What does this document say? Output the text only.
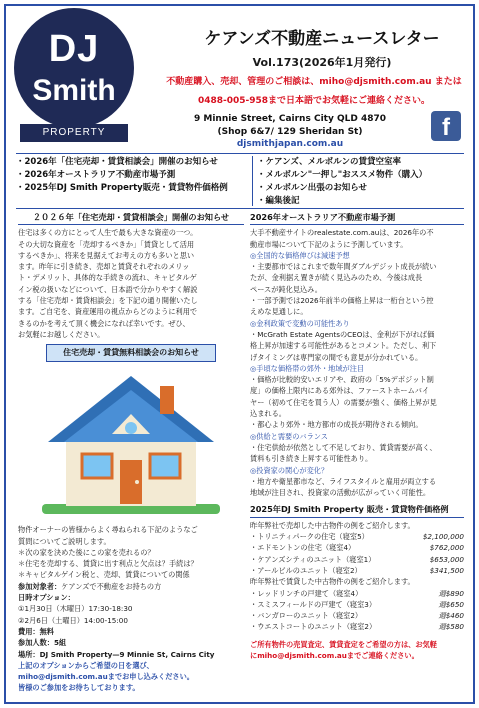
DJ
Smith
PROPERTY
ケアンズ不動産ニュースレター
Vol.173(2026年1月発行)
不動産購入、売却、管理のご相談は、miho@djsmith.com.au または
0488-005-958まで日本語でお気軽にご連絡ください。
9 Minnie Street, Cairns City QLD 4870
(Shop 6&7/ 129 Sheridan St)
djsmithjapan.com.au
f
・2026年「住宅売却・賃貸相談会」開催のお知らせ
・2026年オーストラリア不動産市場予測
・2025年DJ Smith Property販売・賃貸物件価格例
・ケアンズ、メルボルンの賃貸空室率
・メルボルン"一押し"おススメ物件（購入）
・メルボルン出張のお知らせ
・編集後記
２０２６年「住宅売却・賃貸相談会」開催のお知らせ
住宅は多くの方にとって人生で最も大きな資産の一つ。
その大切な資産を「売却するべきか」「賃貸として活用
するべきか」、将来を見据えてお考えの方も多いと思い
ます。昨年に引き続き、売却と賃貸それぞれのメリッ
ト・デメリット、具体的な手続きの流れ、キャピタルゲ
イン税の扱いなどについて、日本語で分かりやすく解説
する「住宅売却・賃貸相談会」を下記の通り開催いたし
ます。ご自宅を、資産運用の視点からどのように利用で
きるのかを考えて頂く機会になれば幸いです。ぜひ、
お気軽にお越しください。
住宅売却・賃貸無料相談会のお知らせ
物件オーナーの皆様からよく尋ねられる下記のようなご
質問についてご説明します。
＊次の家を決めた後にこの家を売れるの？
＊住宅を売却する、賃貸に出す利点と欠点は？手続は？
＊キャピタルゲイン税と、売却、賃貸についての関係
参加対象者：ケアンズで不動産をお持ちの方
日時オプション：
①1月30日（木曜日）17:30-18:30
②2月6日（土曜日）14:00-15:00
費用：無料
参加人数：5組
場所：DJ Smith Property—9 Minnie St, Cairns City
上記のオプションからご希望の日を選び、
miho@djsmith.com.auまでお申し込みください。
皆様のご参加をお待ちしております。
2026年オーストラリア不動産市場予測
大手不動産サイトのrealestate.com.auは、2026年の不
動産市場について下記のように予測しています。
◎全国的な価格伸びは減速予想
・主要都市ではこれまで数年間ダブルデジット成長が続い
たが、金利据え置きが続く見込みのため、今後は成長
ペースが鈍化見込み。
・一部予測では2026年前半の価格上昇は一桁台という控
えめな見通しに。
◎金利政策で変動の可能性あり
・McGrath Estate AgentsのCEOは、金利が下がれば価
格上昇が加速する可能性があるとコメント。ただし、利下
げタイミングは専門家の間でも意見が分かれている。
◎手頃な価格帯の郊外・地域が注目
・価格が比較的安いエリアや、政府の「5%デポジット制
度」の価格上限内にある郊外は、ファーストホームバイ
ヤー（初めて住宅を買う人）の需要が強く、価格上昇が見
込まれる。
・都心より郊外・地方都市の成長が期待される傾向。
◎供給と需要のバランス
・住宅供給が依然として不足しており、賃貸需要が高く、
賃料も引き続き上昇する可能性あり。
◎投資家の関心が変化？
・地方や衛星都市など、ライフスタイルと雇用が両立する
地域が注目され、投資家の活動が広がっていく可能性。
2025年DJ Smith Property 販売・賃貸物件価格例
昨年弊社で売却した中古物件の例をご紹介します。
・トリニティパークの住宅（寝室5）	$2,100,000
・エドモントンの住宅（寝室4）	$762,000
・ケアンズシティのユニット（寝室1）	$653,000
・アールビルのユニット（寝室2）	$341,500
昨年弊社で賃貸した中古物件の例をご紹介します。
・レッドリンチの戸建て（寝室4）	週$890
・スミスフィールドの戸建て（寝室3）	週$650
・バンガローのユニット（寝室2）	週$460
・ウエストコートのユニット（寝室2）	週$580
ご所有物件の売買査定、賃貸査定をご希望の方は、お気軽
にmiho@djsmith.com.auまでご連絡ください。
